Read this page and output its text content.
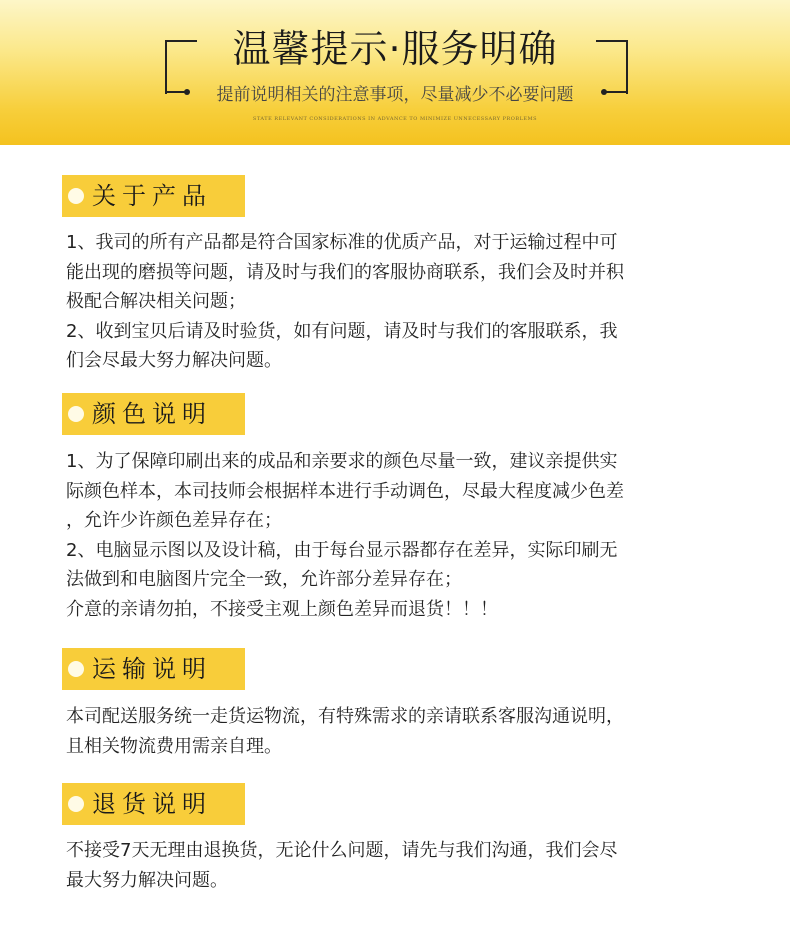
温馨提示·服务明确
提前说明相关的注意事项，尽量减少不必要问题
STATE RELEVANT CONSIDERATIONS IN ADVANCE TO MINIMIZE UNNECESSARY PROBLEMS
关于产品
1、我司的所有产品都是符合国家标准的优质产品，对于运输过程中可
能出现的磨损等问题，请及时与我们的客服协商联系，我们会及时并积
极配合解决相关问题；
2、收到宝贝后请及时验货，如有问题，请及时与我们的客服联系，我
们会尽最大努力解决问题。
颜色说明
1、为了保障印刷出来的成品和亲要求的颜色尽量一致，建议亲提供实
际颜色样本，本司技师会根据样本进行手动调色，尽最大程度减少色差
，允许少许颜色差异存在；
2、电脑显示图以及设计稿，由于每台显示器都存在差异，实际印刷无
法做到和电脑图片完全一致，允许部分差异存在；
介意的亲请勿拍，不接受主观上颜色差异而退货！！！
运输说明
本司配送服务统一走货运物流，有特殊需求的亲请联系客服沟通说明，
且相关物流费用需亲自理。
退货说明
不接受7天无理由退换货，无论什么问题，请先与我们沟通，我们会尽
最大努力解决问题。
